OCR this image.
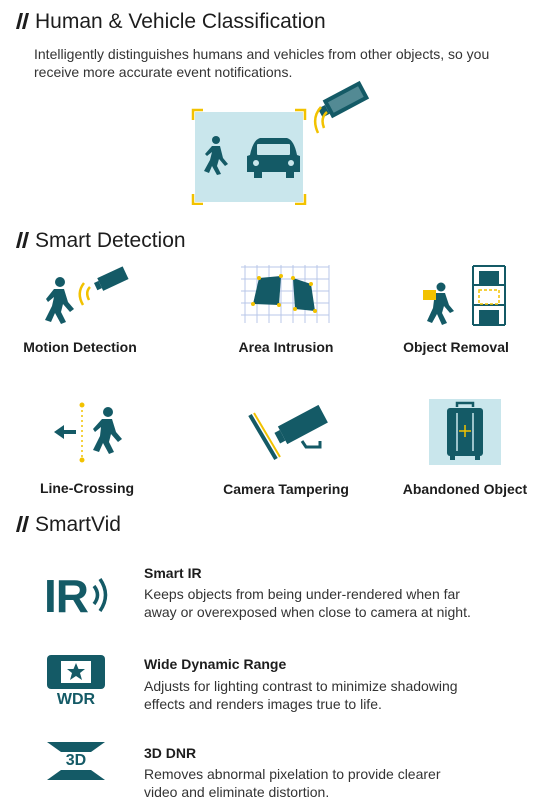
Human & Vehicle Classification
Intelligently distinguishes humans and vehicles from other objects, so you
receive more accurate event notifications.
Smart Detection
Motion Detection	Area Intrusion	Object Removal
Line-Crossing	Camera Tampering	Abandoned Object
SmartVid
IR	Smart IR
Keeps objects from being under-rendered when far
away or overexposed when close to camera at night.
WDR
Wide Dynamic Range
Adjusts for lighting contrast to minimize shadowing
effects and renders images true to life.
3D
DNR
3D DNR
Removes abnormal pixelation to provide clearer
video and eliminate distortion.
